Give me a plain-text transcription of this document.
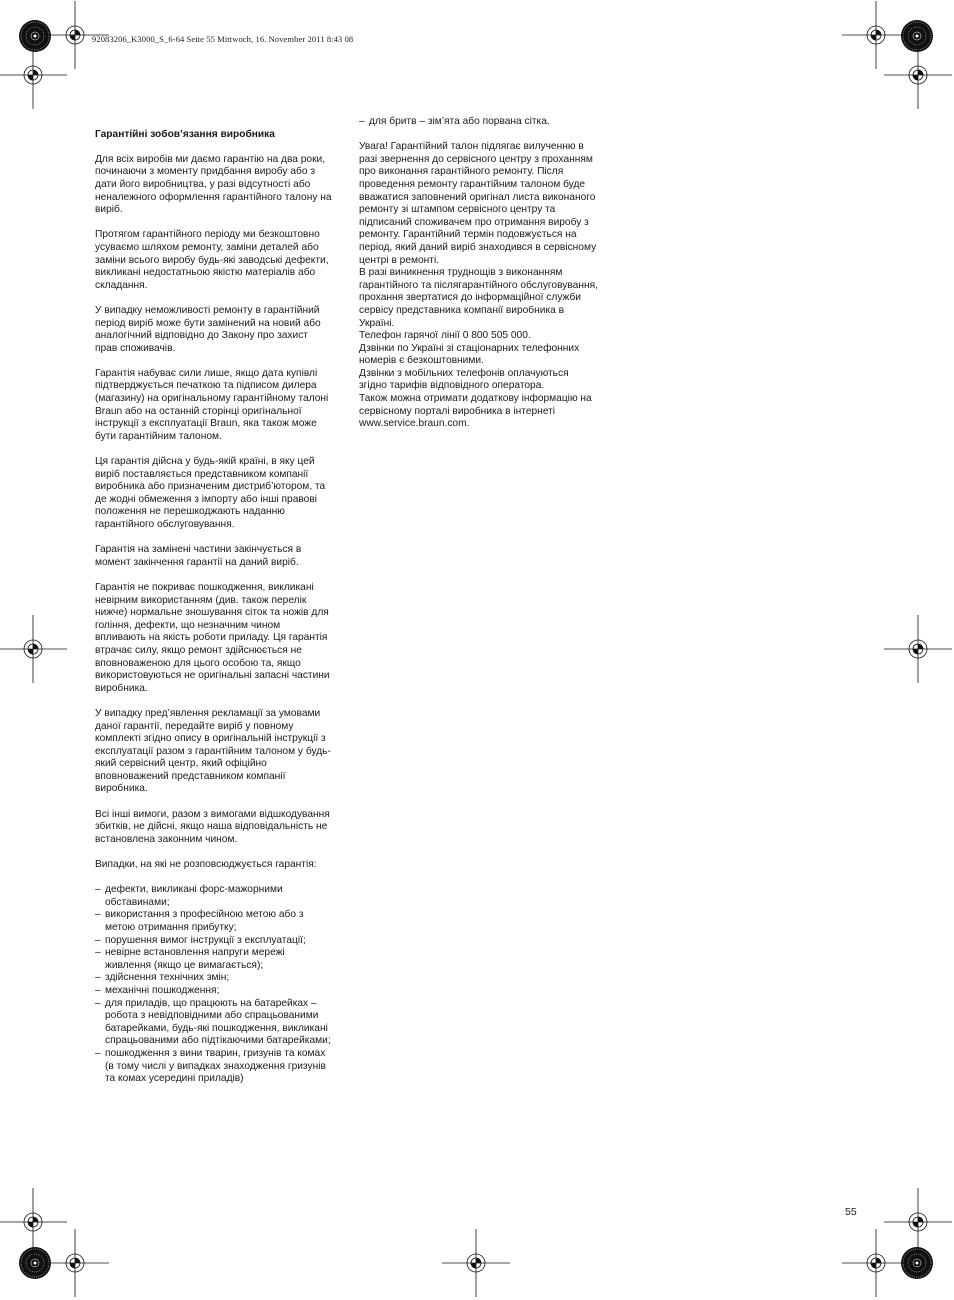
92083206_K3000_S_6-64 Seite 55 Mittwoch, 16. November 2011 8:43 08

Гарантійні зобов’язання виробника

Для всіх виробів ми даємо гарантію на два роки, починаючи з моменту придбання виробу або з дати його виробництва, у разі відсутності або неналежного оформлення гарантійного талону на виріб.

Протягом гарантійного періоду ми безкоштовно усуваємо шляхом ремонту, заміни деталей або заміни всього виробу будь-які заводські дефекти, викликані недостатньою якістю матеріалів або складання.

У випадку неможливості ремонту в гарантійний період виріб може бути замінений на новий або аналогічний відповідно до Закону про захист прав споживачів.

Гарантія набуває сили лише, якщо дата купівлі підтверджується печаткою та підписом дилера (магазину) на оригінальному гарантійному талоні Braun або на останній сторінці оригінальної інструкції з експлуатації Braun, яка також може бути гарантійним талоном.

Ця гарантія дійсна у будь-якій країні, в яку цей виріб поставляється представником компанії виробника або призначеним дистриб’ютором, та де жодні обмеження з імпорту або інші правові положення не перешкоджають наданню гарантійного обслуговування.

Гарантія на замінені частини закінчується в момент закінчення гарантії на даний виріб.

Гарантія не покриває пошкодження, викликані невірним використанням (див. також перелік нижче) нормальне зношування сіток та ножів для гоління, дефекти, що незначним чином впливають на якість роботи приладу. Ця гарантія втрачає силу, якщо ремонт здійснюється не вповноваженою для цього особою та, якщо використовуються не оригінальні запасні частини виробника.

У випадку пред’явлення рекламації за умовами даної гарантії, передайте виріб у повному комплекті згідно опису в оригінальній інструкції з експлуатації разом з гарантійним талоном у будь-який сервісний центр, який офіційно вповноважений представником компанії виробника.

Всі інші вимоги, разом з вимогами відшкодування збитків, не дійсні, якщо наша відповідальність не встановлена законним чином.

Випадки, на які не розповсюджується гарантія:

– дефекти, викликані форс-мажорними обставинами;
– використання з професійною метою або з метою отримання прибутку;
– порушення вимог інструкції з експлуатації;
– невірне встановлення напруги мережі живлення (якщо це вимагається);
– здійснення технічних змін;
– механічні пошкодження;
– для приладів, що працюють на батарейках – робота з невідповідними або спрацьованими батарейками, будь-які пошкодження, викликані спрацьованими або підтікаючими батарейками;
– пошкодження з вини тварин, гризунів та комах (в тому числі у випадках знаходження гризунів та комах усередині приладів)
– для бритв – зім’ята або порвана сітка.

Увага! Гарантійний талон підлягає вилученню в разі звернення до сервісного центру з проханням про виконання гарантійного ремонту. Після проведення ремонту гарантійним талоном буде вважатися заповнений оригінал листа виконаного ремонту зі штампом сервісного центру та підписаний споживачем про отримання виробу з ремонту. Гарантійний термін подовжується на період, який даний виріб знаходився в сервісному центрі в ремонті.
В разі виникнення труднощів з виконанням гарантійного та післягарантійного обслуговування, прохання звертатися до інформаційної служби сервісу представника компанії виробника в Україні.
Телефон гарячої лінії 0 800 505 000.
Дзвінки по Україні зі стаціонарних телефонних номерів є безкоштовними.
Дзвінки з мобільних телефонів оплачуються згідно тарифів відповідного оператора.
Також можна отримати додаткову інформацію на сервісному порталі виробника в інтернеті
www.service.braun.com.

55
